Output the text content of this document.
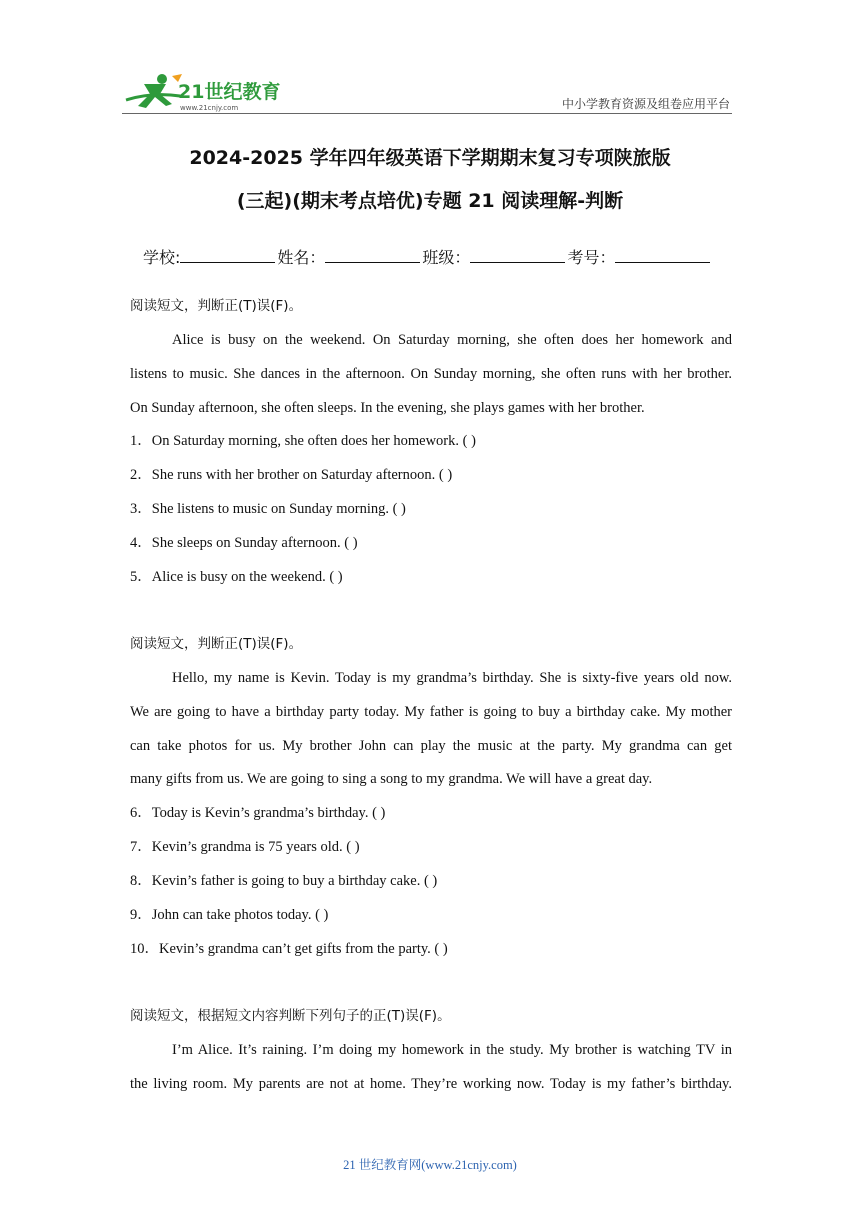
21世纪教育
www.21cnjy.com	中小学教育资源及组卷应用平台
2024-2025 学年四年级英语下学期期末复习专项陕旅版
(三起)(期末考点培优)专题 21 阅读理解-判断
学校:	姓名：	班级：	考号：
阅读短文，判断正(T)误(F)。
Alice is busy on the weekend. On Saturday morning, she often does her homework and
listens to music. She dances in the afternoon. On Sunday morning, she often runs with her brother.
On Sunday afternoon, she often sleeps. In the evening, she plays games with her brother.
1．On Saturday morning, she often does her homework. ( )
2．She runs with her brother on Saturday afternoon. ( )
3．She listens to music on Sunday morning. ( )
4．She sleeps on Sunday afternoon. ( )
5．Alice is busy on the weekend. ( )
阅读短文，判断正(T)误(F)。
Hello, my name is Kevin. Today is my grandma’s birthday. She is sixty-five years old now.
We are going to have a birthday party today. My father is going to buy a birthday cake. My mother
can take photos for us. My brother John can play the music at the party. My grandma can get
many gifts from us. We are going to sing a song to my grandma. We will have a great day.
6．Today is Kevin’s grandma’s birthday. ( )
7．Kevin’s grandma is 75 years old. ( )
8．Kevin’s father is going to buy a birthday cake. ( )
9．John can take photos today. ( )
10．Kevin’s grandma can’t get gifts from the party. ( )
阅读短文，根据短文内容判断下列句子的正(T)误(F)。
I’m Alice. It’s raining. I’m doing my homework in the study. My brother is watching TV in
the living room. My parents are not at home. They’re working now. Today is my father’s birthday.
21 世纪教育网(www.21cnjy.com)
